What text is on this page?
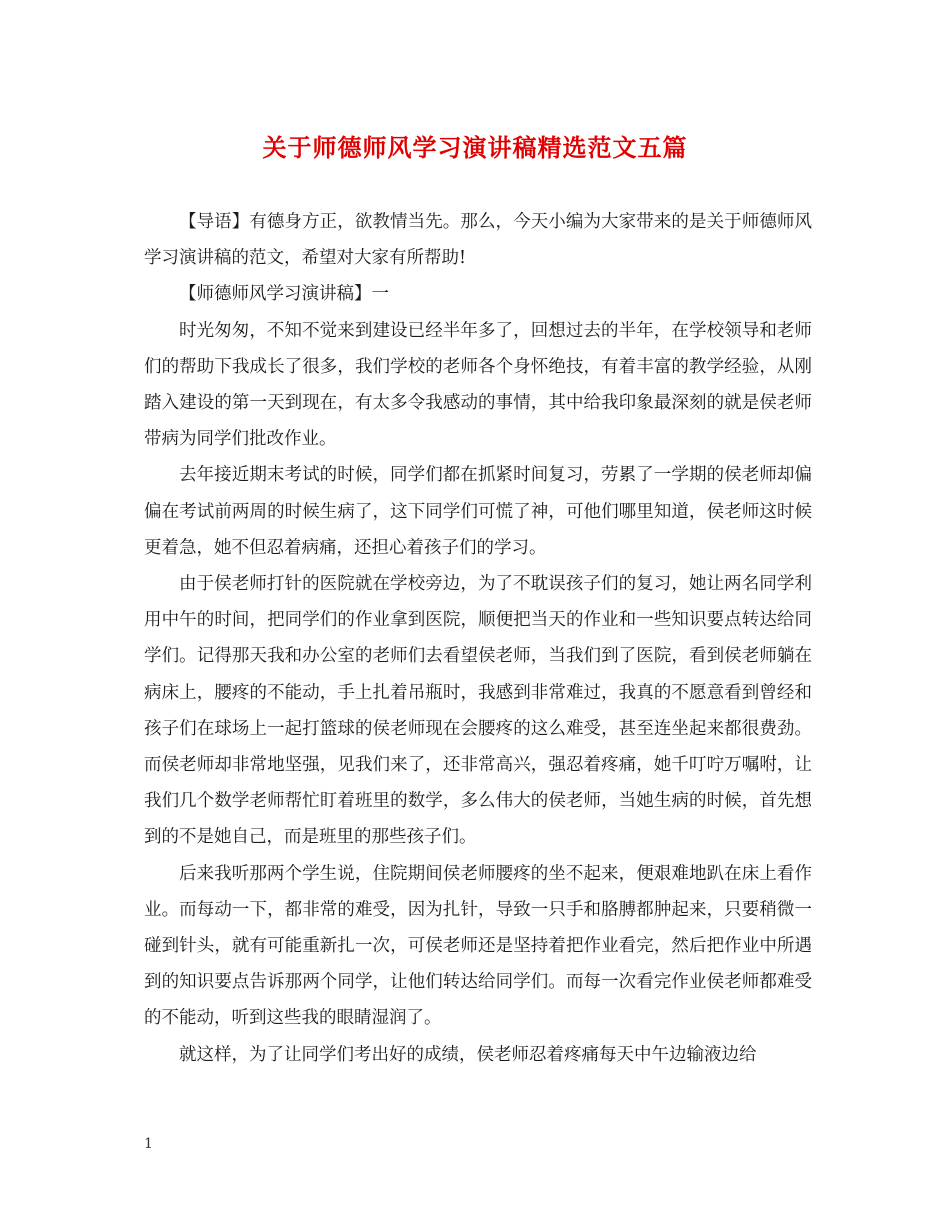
关于师德师风学习演讲稿精选范文五篇

【导语】有德身方正，欲教情当先。那么，今天小编为大家带来的是关于师德师风学习演讲稿的范文，希望对大家有所帮助!

【师德师风学习演讲稿】一

时光匆匆，不知不觉来到建设已经半年多了，回想过去的半年，在学校领导和老师们的帮助下我成长了很多，我们学校的老师各个身怀绝技，有着丰富的教学经验，从刚踏入建设的第一天到现在，有太多令我感动的事情，其中给我印象最深刻的就是侯老师带病为同学们批改作业。

去年接近期末考试的时候，同学们都在抓紧时间复习，劳累了一学期的侯老师却偏偏在考试前两周的时候生病了，这下同学们可慌了神，可他们哪里知道，侯老师这时候更着急，她不但忍着病痛，还担心着孩子们的学习。

由于侯老师打针的医院就在学校旁边，为了不耽误孩子们的复习，她让两名同学利用中午的时间，把同学们的作业拿到医院，顺便把当天的作业和一些知识要点转达给同学们。记得那天我和办公室的老师们去看望侯老师，当我们到了医院，看到侯老师躺在病床上，腰疼的不能动，手上扎着吊瓶时，我感到非常难过，我真的不愿意看到曾经和孩子们在球场上一起打篮球的侯老师现在会腰疼的这么难受，甚至连坐起来都很费劲。而侯老师却非常地坚强，见我们来了，还非常高兴，强忍着疼痛，她千叮咛万嘱咐，让我们几个数学老师帮忙盯着班里的数学，多么伟大的侯老师，当她生病的时候，首先想到的不是她自己，而是班里的那些孩子们。

后来我听那两个学生说，住院期间侯老师腰疼的坐不起来，便艰难地趴在床上看作业。而每动一下，都非常的难受，因为扎针，导致一只手和胳膊都肿起来，只要稍微一碰到针头，就有可能重新扎一次，可侯老师还是坚持着把作业看完，然后把作业中所遇到的知识要点告诉那两个同学，让他们转达给同学们。而每一次看完作业侯老师都难受的不能动，听到这些我的眼睛湿润了。

就这样，为了让同学们考出好的成绩，侯老师忍着疼痛每天中午边输液边给

1
